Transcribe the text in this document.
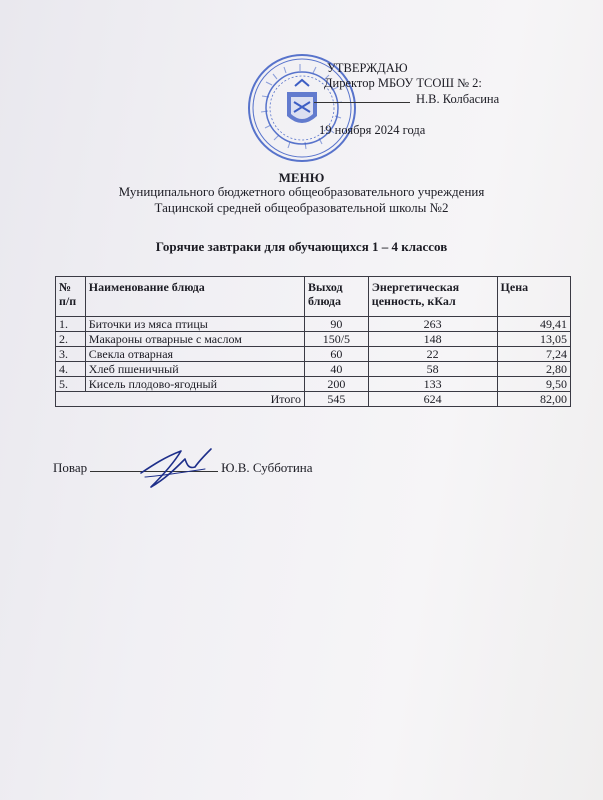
УТВЕРЖДАЮ
Директор МБОУ ТСОШ № 2:
Н.В. Колбасина
19 ноября 2024 года
МЕНЮ
Муниципального бюджетного общеобразовательного учреждения
Тацинской средней общеобразовательной школы №2
Горячие завтраки для обучающихся 1 – 4 классов
№ п/п	Наименование блюда	Выход блюда	Энергетическая ценность, кКал	Цена
1.	Биточки из мяса птицы	90	263	49,41
2.	Макароны отварные с маслом	150/5	148	13,05
3.	Свекла отварная	60	22	7,24
4.	Хлеб пшеничный	40	58	2,80
5.	Кисель плодово-ягодный	200	133	9,50
Итого		545	624	82,00
Повар	Ю.В. Субботина
